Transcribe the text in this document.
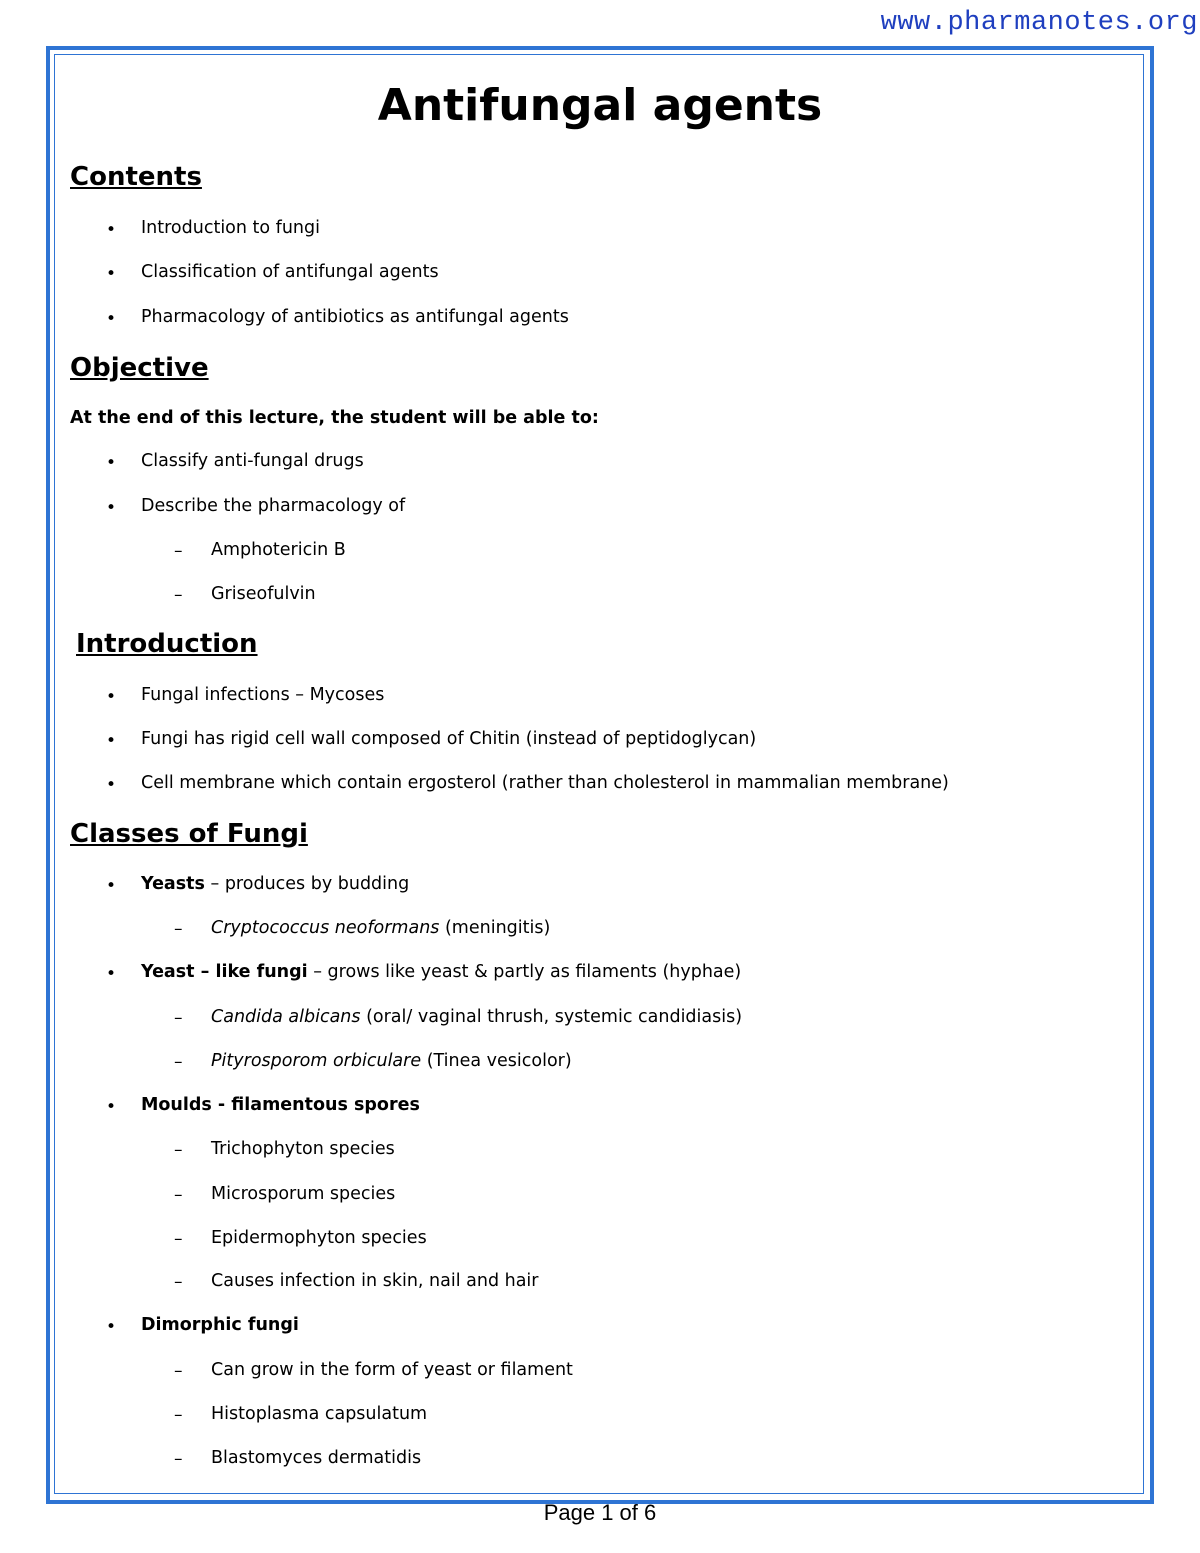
www.pharmanotes.org
Antifungal agents
Contents
• Introduction to fungi
• Classification of antifungal agents
• Pharmacology of antibiotics as antifungal agents
Objective
At the end of this lecture, the student will be able to:
• Classify anti-fungal drugs
• Describe the pharmacology of
– Amphotericin B
– Griseofulvin
Introduction
• Fungal infections – Mycoses
• Fungi has rigid cell wall composed of Chitin (instead of peptidoglycan)
• Cell membrane which contain ergosterol (rather than cholesterol in mammalian membrane)
Classes of Fungi
• Yeasts – produces by budding
– Cryptococcus neoformans (meningitis)
• Yeast – like fungi – grows like yeast & partly as filaments (hyphae)
– Candida albicans (oral/ vaginal thrush, systemic candidiasis)
– Pityrosporom orbiculare (Tinea vesicolor)
• Moulds - filamentous spores
– Trichophyton species
– Microsporum species
– Epidermophyton species
– Causes infection in skin, nail and hair
• Dimorphic fungi
– Can grow in the form of yeast or filament
– Histoplasma capsulatum
– Blastomyces dermatidis
Page 1 of 6
